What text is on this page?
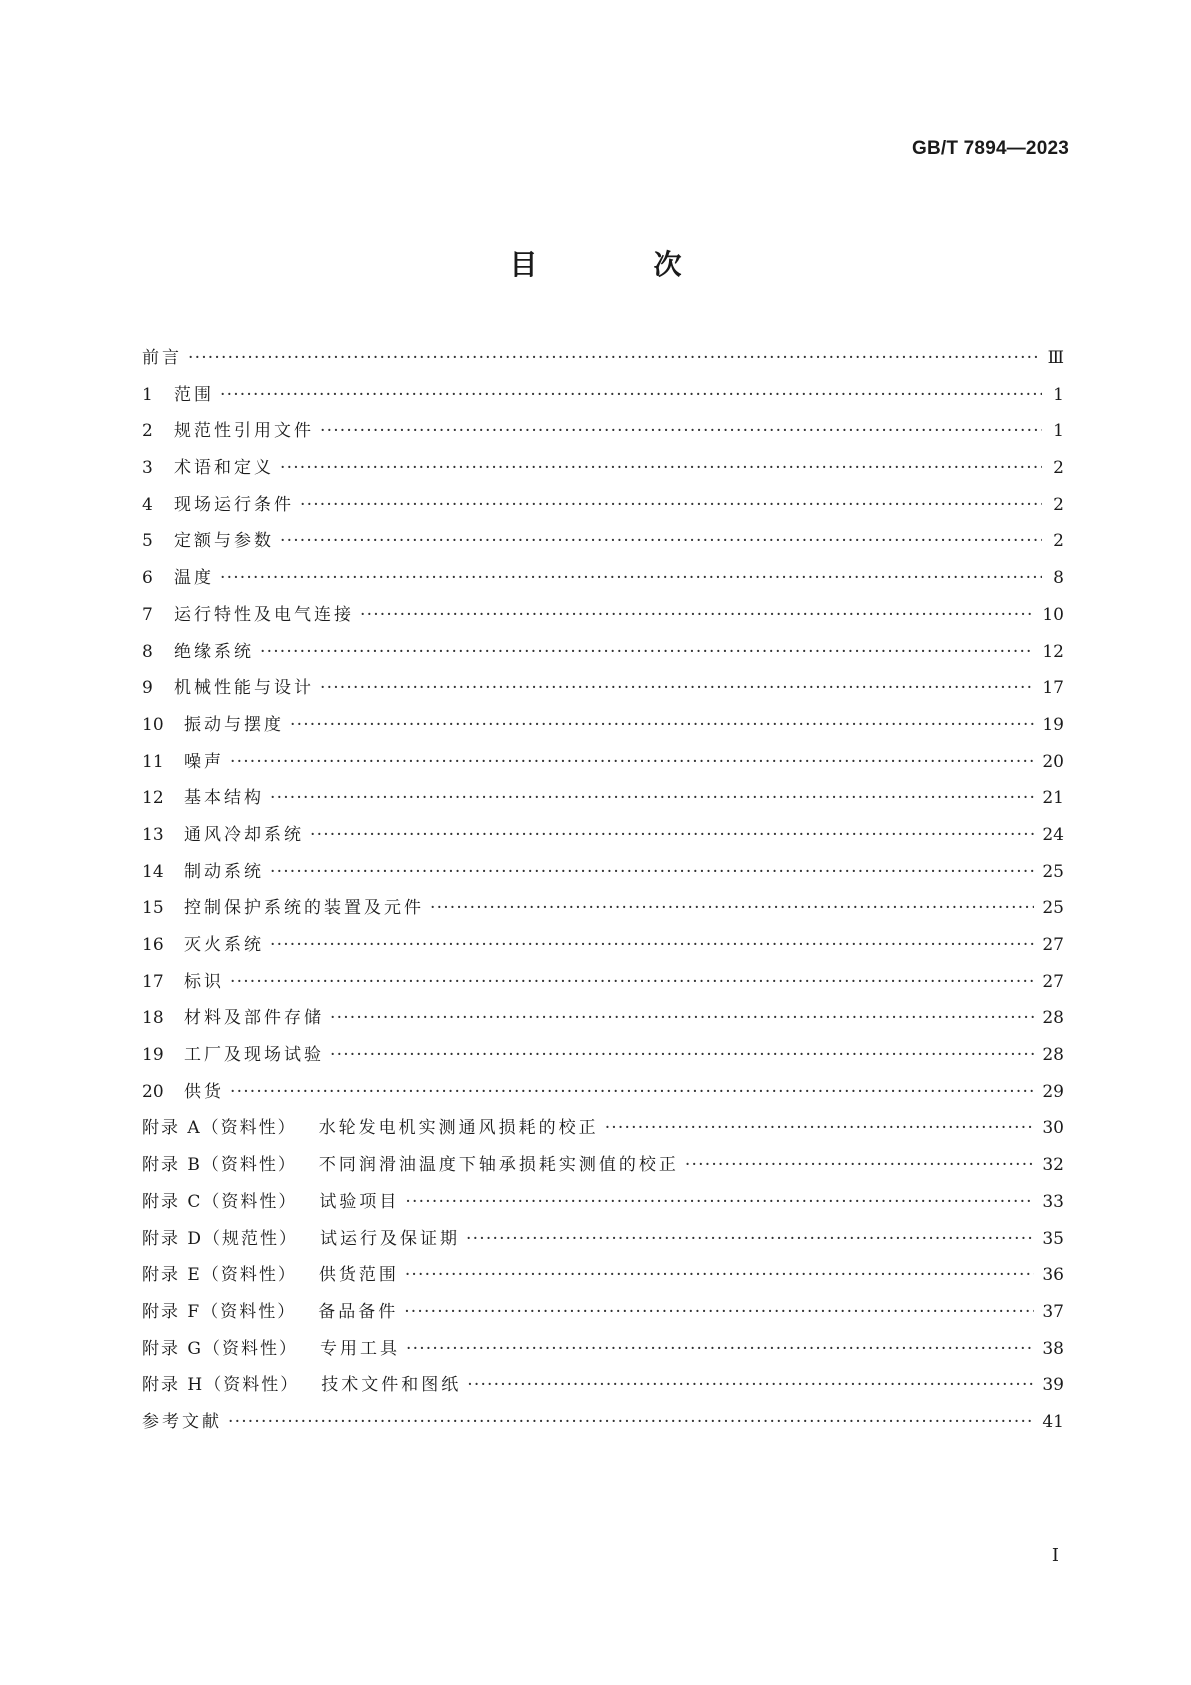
GB/T 7894—2023
目　次
前言 ·····	Ⅲ
1	范围 ·····	1
2	规范性引用文件 ·····	1
3	术语和定义 ·····	2
4	现场运行条件 ·····	2
5	定额与参数 ·····	2
6	温度 ·····	8
7	运行特性及电气连接 ·····	10
8	绝缘系统 ·····	12
9	机械性能与设计 ·····	17
10	振动与摆度 ·····	19
11	噪声 ·····	20
12	基本结构 ·····	21
13	通风冷却系统 ·····	24
14	制动系统 ·····	25
15	控制保护系统的装置及元件 ·····	25
16	灭火系统 ·····	27
17	标识 ·····	27
18	材料及部件存储 ·····	28
19	工厂及现场试验 ·····	28
20	供货 ·····	29
附录 A（资料性） 水轮发电机实测通风损耗的校正 ·····	30
附录 B（资料性） 不同润滑油温度下轴承损耗实测值的校正 ·····	32
附录 C（资料性） 试验项目 ·····	33
附录 D（规范性） 试运行及保证期 ·····	35
附录 E（资料性） 供货范围 ·····	36
附录 F（资料性） 备品备件 ·····	37
附录 G（资料性） 专用工具 ·····	38
附录 H（资料性） 技术文件和图纸 ·····	39
参考文献 ·····	41
I
